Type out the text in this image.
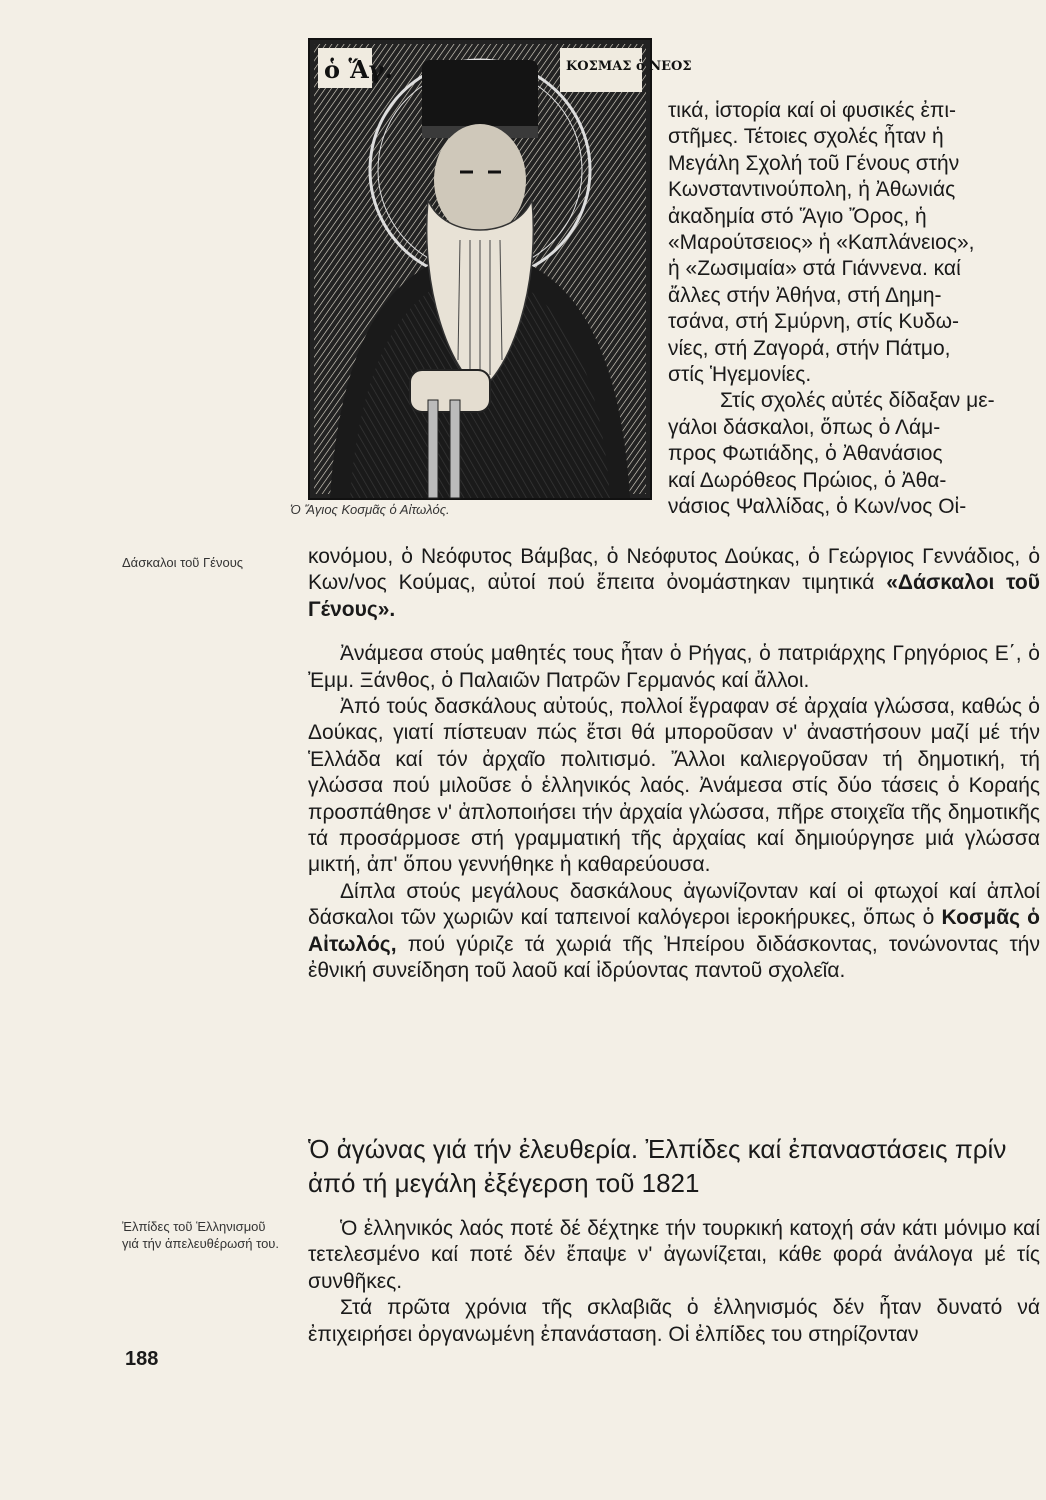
ὁ Ἅγ.	ΚΟΣΜΑΣ ὁ ΝΕΟΣ
Ὁ Ἅγιος Κοσμᾶς ὁ Αἰτωλός.

τικά, ἱστορία καί οἱ φυσικές ἐπι-

στῆμες. Τέτοιες σχολές ἦταν ἡ

Μεγάλη Σχολή τοῦ Γένους στήν

Κωνσταντινούπολη, ἡ Ἀθωνιάς

ἀκαδημία στό Ἅγιο Ὄρος, ἡ

«Μαρούτσειος» ἡ «Καπλάνειος»,

ἡ «Ζωσιμαία» στά Γιάννενα. καί

ἄλλες στήν Ἀθήνα, στή Δημη-

τσάνα, στή Σμύρνη, στίς Κυδω-

νίες, στή Ζαγορά, στήν Πάτμο,

στίς Ἡγεμονίες.

Στίς σχολές αὐτές δίδαξαν με-

γάλοι δάσκαλοι, ὅπως ὁ Λάμ-

προς Φωτιάδης, ὁ Ἀθανάσιος

καί Δωρόθεος Πρώιος, ὁ Ἀθα-

νάσιος Ψαλλίδας, ὁ Κων/νος Οἰ-

Δάσκαλοι τοῦ Γένους	κονόμου, ὁ Νεόφυτος Βάμβας, ὁ Νεόφυτος Δούκας, ὁ Γεώργιος Γεννάδιος, ὁ Κων/νος Κούμας, αὐτοί πού ἔπειτα ὀνομάστηκαν τιμητικά «Δάσκαλοι τοῦ Γένους».

Ἀνάμεσα στούς μαθητές τους ἦταν ὁ Ρήγας, ὁ πατριάρχης Γρηγόριος Ε΄, ὁ Ἐμμ. Ξάνθος, ὁ Παλαιῶν Πατρῶν Γερμανός καί ἄλλοι.

Ἀπό τούς δασκάλους αὐτούς, πολλοί ἔγραφαν σέ ἀρχαία γλώσσα, καθώς ὁ Δούκας, γιατί πίστευαν πώς ἔτσι θά μποροῦσαν ν' ἀναστήσουν μαζί μέ τήν Ἑλλάδα καί τόν ἀρχαῖο πολιτισμό. Ἄλλοι καλιεργοῦσαν τή δημοτική, τή γλώσσα πού μιλοῦσε ὁ ἑλληνικός λαός. Ἀνάμεσα στίς δύο τάσεις ὁ Κοραής προσπάθησε ν' ἀπλοποιήσει τήν ἀρχαία γλώσσα, πῆρε στοιχεῖα τῆς δημοτικῆς τά προσάρμοσε στή γραμματική τῆς ἀρχαίας καί δημιούργησε μιά γλώσσα μικτή, ἀπ' ὅπου γεννήθηκε ἡ καθαρεύουσα.

Δίπλα στούς μεγάλους δασκάλους ἀγωνίζονταν καί οἱ φτωχοί καί ἁπλοί δάσκαλοι τῶν χωριῶν καί ταπεινοί καλόγεροι ἱεροκήρυκες, ὅπως ὁ Κοσμᾶς ὁ Αἰτωλός, πού γύριζε τά χωριά τῆς Ἠπείρου διδάσκοντας, τονώνοντας τήν ἐθνική συνείδηση τοῦ λαοῦ καί ἱδρύοντας παντοῦ σχολεῖα.

Ὁ ἀγώνας γιά τήν ἐλευθερία. Ἐλπίδες καί ἐπαναστάσεις πρίν ἀπό τή μεγάλη ἐξέγερση τοῦ 1821
Ἐλπίδες τοῦ Ἑλληνισμοῦ γιά τήν ἀπελευθέρωσή του.

Ὁ ἑλληνικός λαός ποτέ δέ δέχτηκε τήν τουρκική κατοχή σάν κάτι μόνιμο καί τετελεσμένο καί ποτέ δέν ἔπαψε ν' ἀγωνίζεται, κάθε φορά ἀνάλογα μέ τίς συνθῆκες.

Στά πρῶτα χρόνια τῆς σκλαβιᾶς ὁ ἑλληνισμός δέν ἦταν δυνατό νά ἐπιχειρήσει ὀργανωμένη ἐπανάσταση. Οἱ ἐλπίδες του στηρίζονταν

188
